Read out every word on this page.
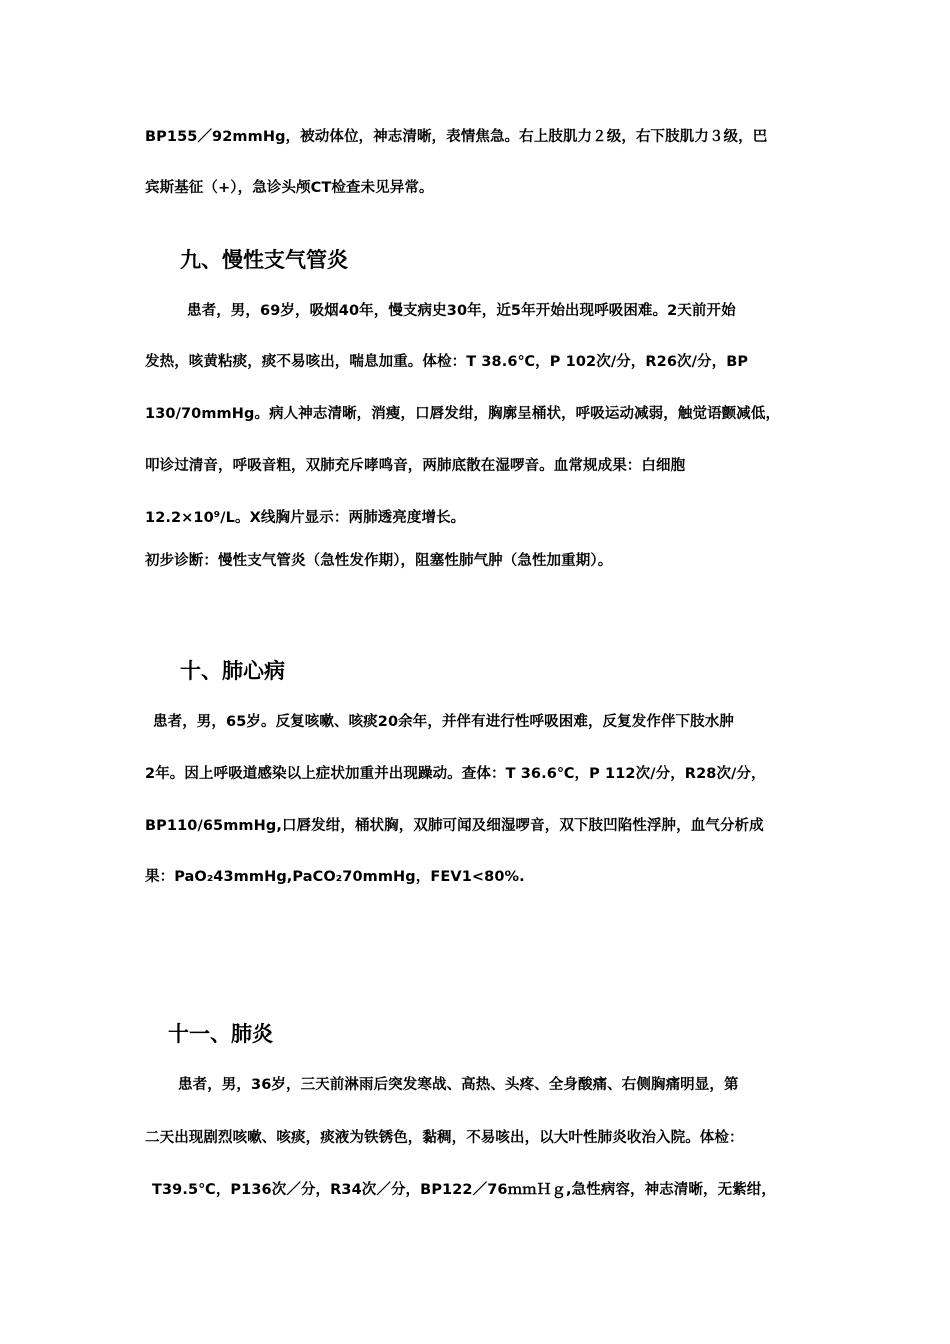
BP155／92mmHg，被动体位，神志清晰，表情焦急。右上肢肌力２级，右下肢肌力３级，巴
宾斯基征（+），急诊头颅CT检查未见异常。
九、慢性支气管炎
患者，男，69岁，吸烟40年，慢支病史30年，近5年开始出现呼吸困难。2天前开始
发热，咳黄粘痰，痰不易咳出，喘息加重。体检：T 38.6℃，P 102次/分，R26次/分，BP
130/70mmHg。病人神志清晰，消瘦，口唇发绀，胸廓呈桶状，呼吸运动减弱，触觉语颤减低，
叩诊过清音，呼吸音粗，双肺充斥哮鸣音，两肺底散在湿啰音。血常规成果：白细胞
12.2×10⁹/L。X线胸片显示：两肺透亮度增长。
初步诊断：慢性支气管炎（急性发作期），阻塞性肺气肿（急性加重期）。
十、肺心病
患者，男，65岁。反复咳嗽、咳痰20余年，并伴有进行性呼吸困难，反复发作伴下肢水肿
2年。因上呼吸道感染以上症状加重并出现躁动。查体：T 36.6℃，P 112次/分，R28次/分，
BP110/65mmHg,口唇发绀，桶状胸，双肺可闻及细湿啰音，双下肢凹陷性浮肿，血气分析成
果：PaO₂43mmHg,PaCO₂70mmHg，FEV1<80%.
十一、肺炎
患者，男，36岁，三天前淋雨后突发寒战、高热、头疼、全身酸痛、右侧胸痛明显，第
二天出现剧烈咳嗽、咳痰，痰液为铁锈色，黏稠，不易咳出，以大叶性肺炎收治入院。体检：
T39.5℃，P136次／分，R34次／分，BP122／76ｍｍＨｇ,急性病容，神志清晰，无紫绀，
